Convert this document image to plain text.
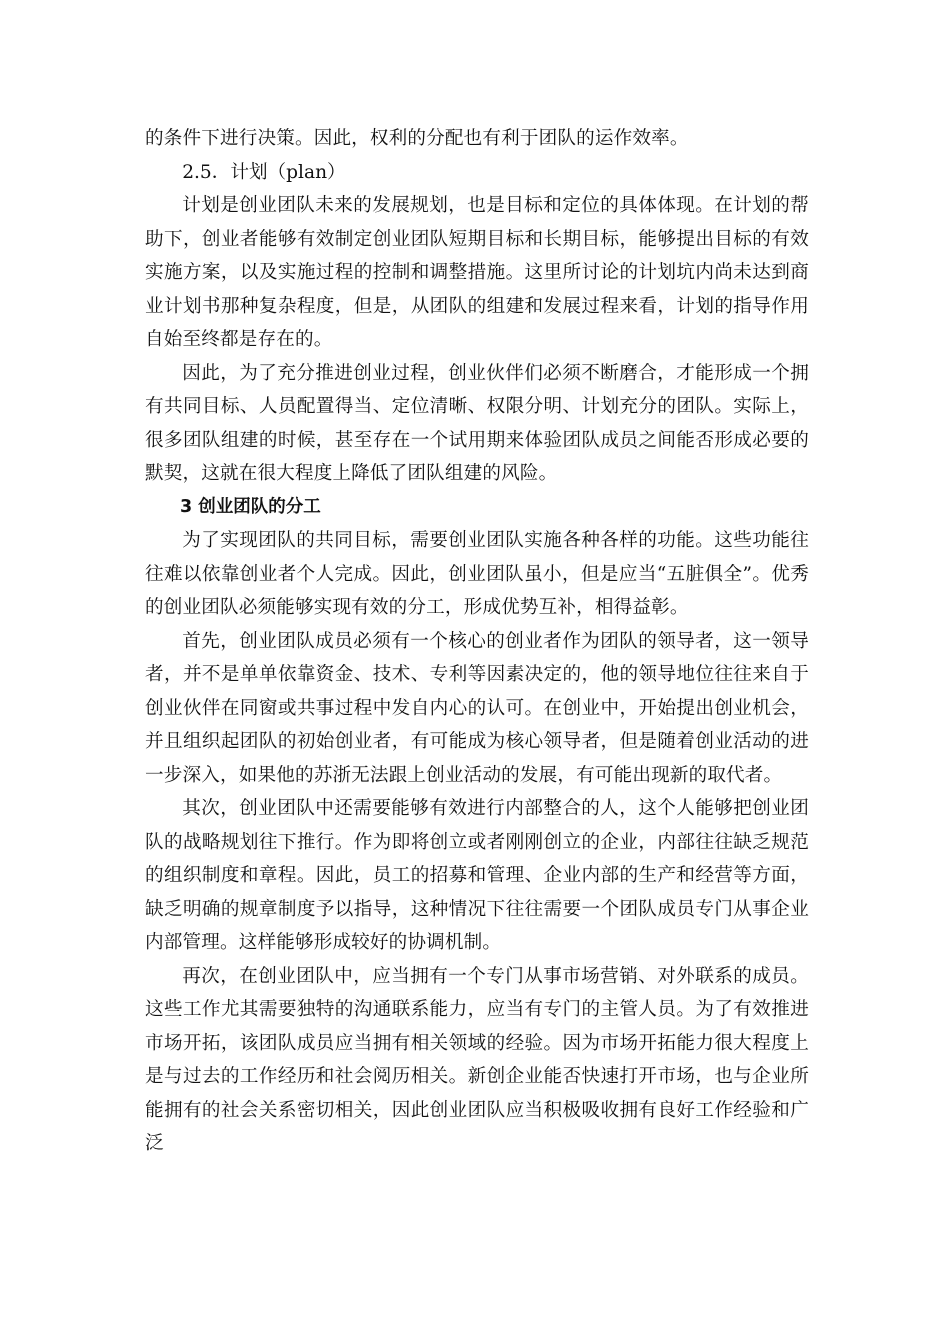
的条件下进行决策。因此，权利的分配也有利于团队的运作效率。

2.5．计划（plan）

计划是创业团队未来的发展规划，也是目标和定位的具体体现。在计划的帮助下，创业者能够有效制定创业团队短期目标和长期目标，能够提出目标的有效实施方案，以及实施过程的控制和调整措施。这里所讨论的计划坑内尚未达到商业计划书那种复杂程度，但是，从团队的组建和发展过程来看，计划的指导作用自始至终都是存在的。

因此，为了充分推进创业过程，创业伙伴们必须不断磨合，才能形成一个拥有共同目标、人员配置得当、定位清晰、权限分明、计划充分的团队。实际上，很多团队组建的时候，甚至存在一个试用期来体验团队成员之间能否形成必要的默契，这就在很大程度上降低了团队组建的风险。

3 创业团队的分工

为了实现团队的共同目标，需要创业团队实施各种各样的功能。这些功能往往难以依靠创业者个人完成。因此，创业团队虽小，但是应当“五脏俱全”。优秀的创业团队必须能够实现有效的分工，形成优势互补，相得益彰。

首先，创业团队成员必须有一个核心的创业者作为团队的领导者，这一领导者，并不是单单依靠资金、技术、专利等因素决定的，他的领导地位往往来自于创业伙伴在同窗或共事过程中发自内心的认可。在创业中，开始提出创业机会，并且组织起团队的初始创业者，有可能成为核心领导者，但是随着创业活动的进一步深入，如果他的苏浙无法跟上创业活动的发展，有可能出现新的取代者。

其次，创业团队中还需要能够有效进行内部整合的人，这个人能够把创业团队的战略规划往下推行。作为即将创立或者刚刚创立的企业，内部往往缺乏规范的组织制度和章程。因此，员工的招募和管理、企业内部的生产和经营等方面，缺乏明确的规章制度予以指导，这种情况下往往需要一个团队成员专门从事企业内部管理。这样能够形成较好的协调机制。

再次，在创业团队中，应当拥有一个专门从事市场营销、对外联系的成员。这些工作尤其需要独特的沟通联系能力，应当有专门的主管人员。为了有效推进市场开拓，该团队成员应当拥有相关领域的经验。因为市场开拓能力很大程度上是与过去的工作经历和社会阅历相关。新创企业能否快速打开市场，也与企业所能拥有的社会关系密切相关，因此创业团队应当积极吸收拥有良好工作经验和广泛
